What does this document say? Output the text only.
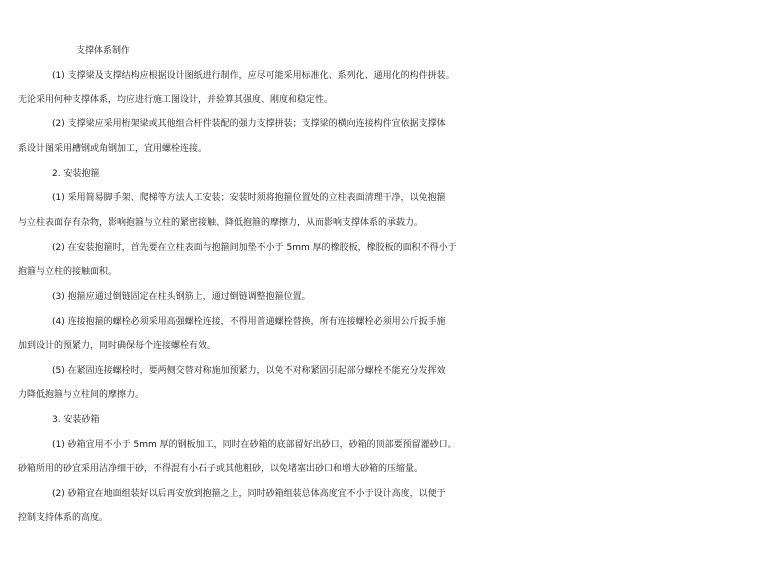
支撑体系制作
(1) 支撑梁及支撑结构应根据设计图纸进行制作，应尽可能采用标准化、系列化、通用化的构件拼装。
无论采用何种支撑体系，均应进行施工图设计，并验算其强度、刚度和稳定性。
(2) 支撑梁应采用桁架梁或其他组合杆件装配的强力支撑拼装；支撑梁的横向连接构件宜依据支撑体
系设计图采用槽钢或角钢加工，宜用螺栓连接。
2. 安装抱箍
(1) 采用简易脚手架、爬梯等方法人工安装；安装时须将抱箍位置处的立柱表面清理干净，以免抱箍
与立柱表面存有杂物，影响抱箍与立柱的紧密接触、降低抱箍的摩擦力，从而影响支撑体系的承载力。
(2) 在安装抱箍时，首先要在立柱表面与抱箍间加垫不小于 5mm 厚的橡胶板，橡胶板的面积不得小于
抱箍与立柱的接触面积。
(3) 抱箍应通过倒链固定在柱头钢筋上，通过倒链调整抱箍位置。
(4) 连接抱箍的螺栓必须采用高强螺栓连接，不得用普通螺栓替换，所有连接螺栓必须用公斤扳手施
加到设计的预紧力，同时确保每个连接螺栓有效。
(5) 在紧固连接螺栓时，要两侧交替对称施加预紧力，以免不对称紧固引起部分螺栓不能充分发挥效
力降低抱箍与立柱间的摩擦力。
3. 安装砂箱
(1) 砂箱宜用不小于 5mm 厚的钢板加工，同时在砂箱的底部留好出砂口，砂箱的顶部要预留灌砂口。
砂箱所用的砂宜采用洁净细干砂，不得混有小石子或其他粗砂，以免堵塞出砂口和增大砂箱的压缩量。
(2) 砂箱宜在地面组装好以后再安放到抱箍之上，同时砂箱组装总体高度宜不小于设计高度，以便于
控制支持体系的高度。
